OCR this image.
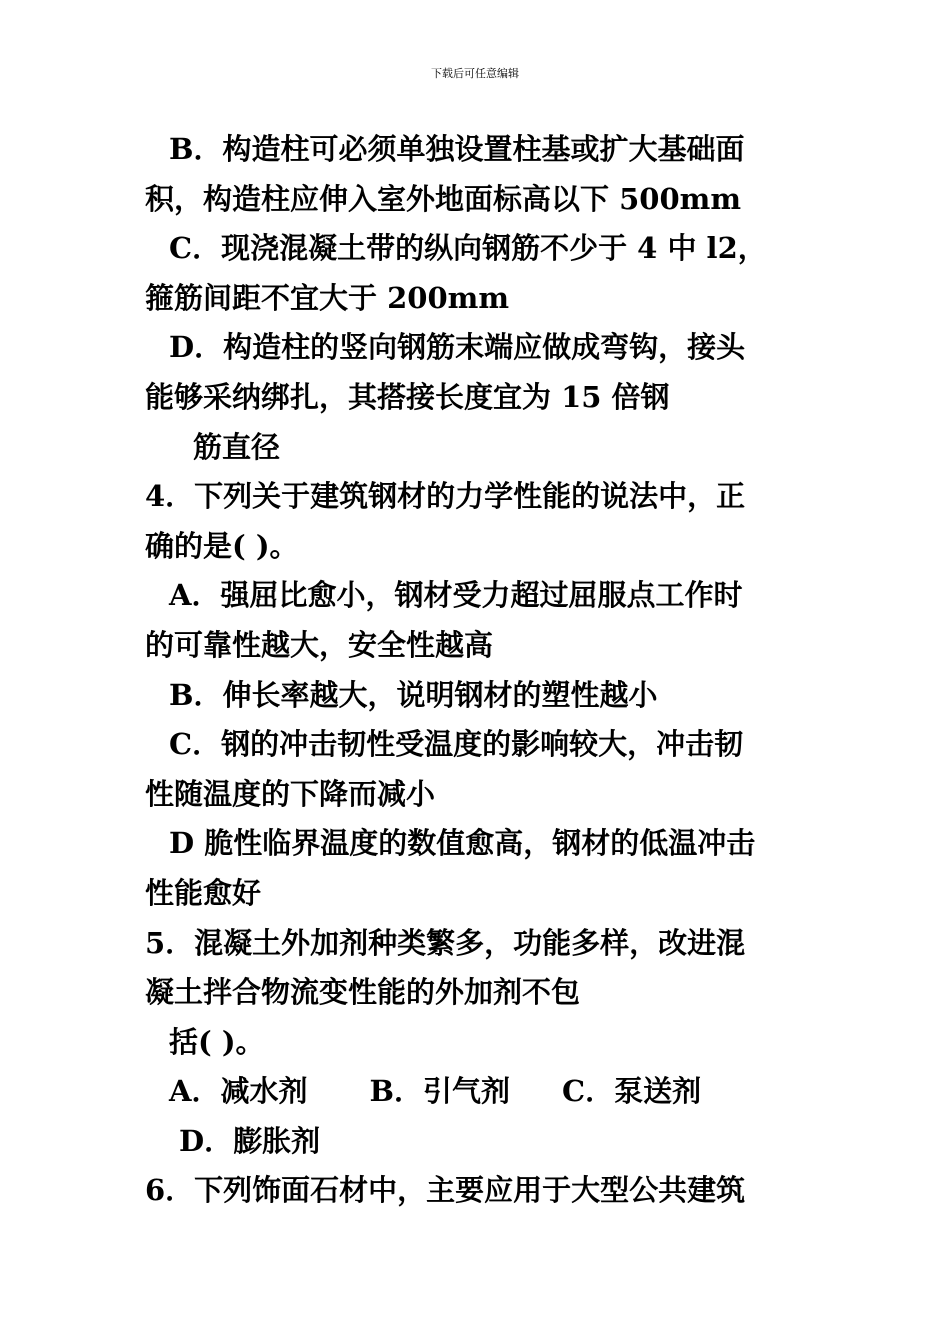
下载后可任意编辑
B．构造柱可必须单独设置柱基或扩大基础面
积，构造柱应伸入室外地面标高以下 500mm
C．现浇混凝土带的纵向钢筋不少于 4 中 l2，
箍筋间距不宜大于 200mm
D．构造柱的竖向钢筋末端应做成弯钩，接头
能够采纳绑扎，其搭接长度宜为 15 倍钢
筋直径
4．下列关于建筑钢材的力学性能的说法中，正
确的是( )。
A．强屈比愈小，钢材受力超过屈服点工作时
的可靠性越大，安全性越高
B．伸长率越大，说明钢材的塑性越小
C．钢的冲击韧性受温度的影响较大，冲击韧
性随温度的下降而减小
D 脆性临界温度的数值愈高，钢材的低温冲击
性能愈好
5．混凝土外加剂种类繁多，功能多样，改进混
凝土拌合物流变性能的外加剂不包
括( )。
A．减水剂 B．引气剂 C．泵送剂
D．膨胀剂
6．下列饰面石材中，主要应用于大型公共建筑
